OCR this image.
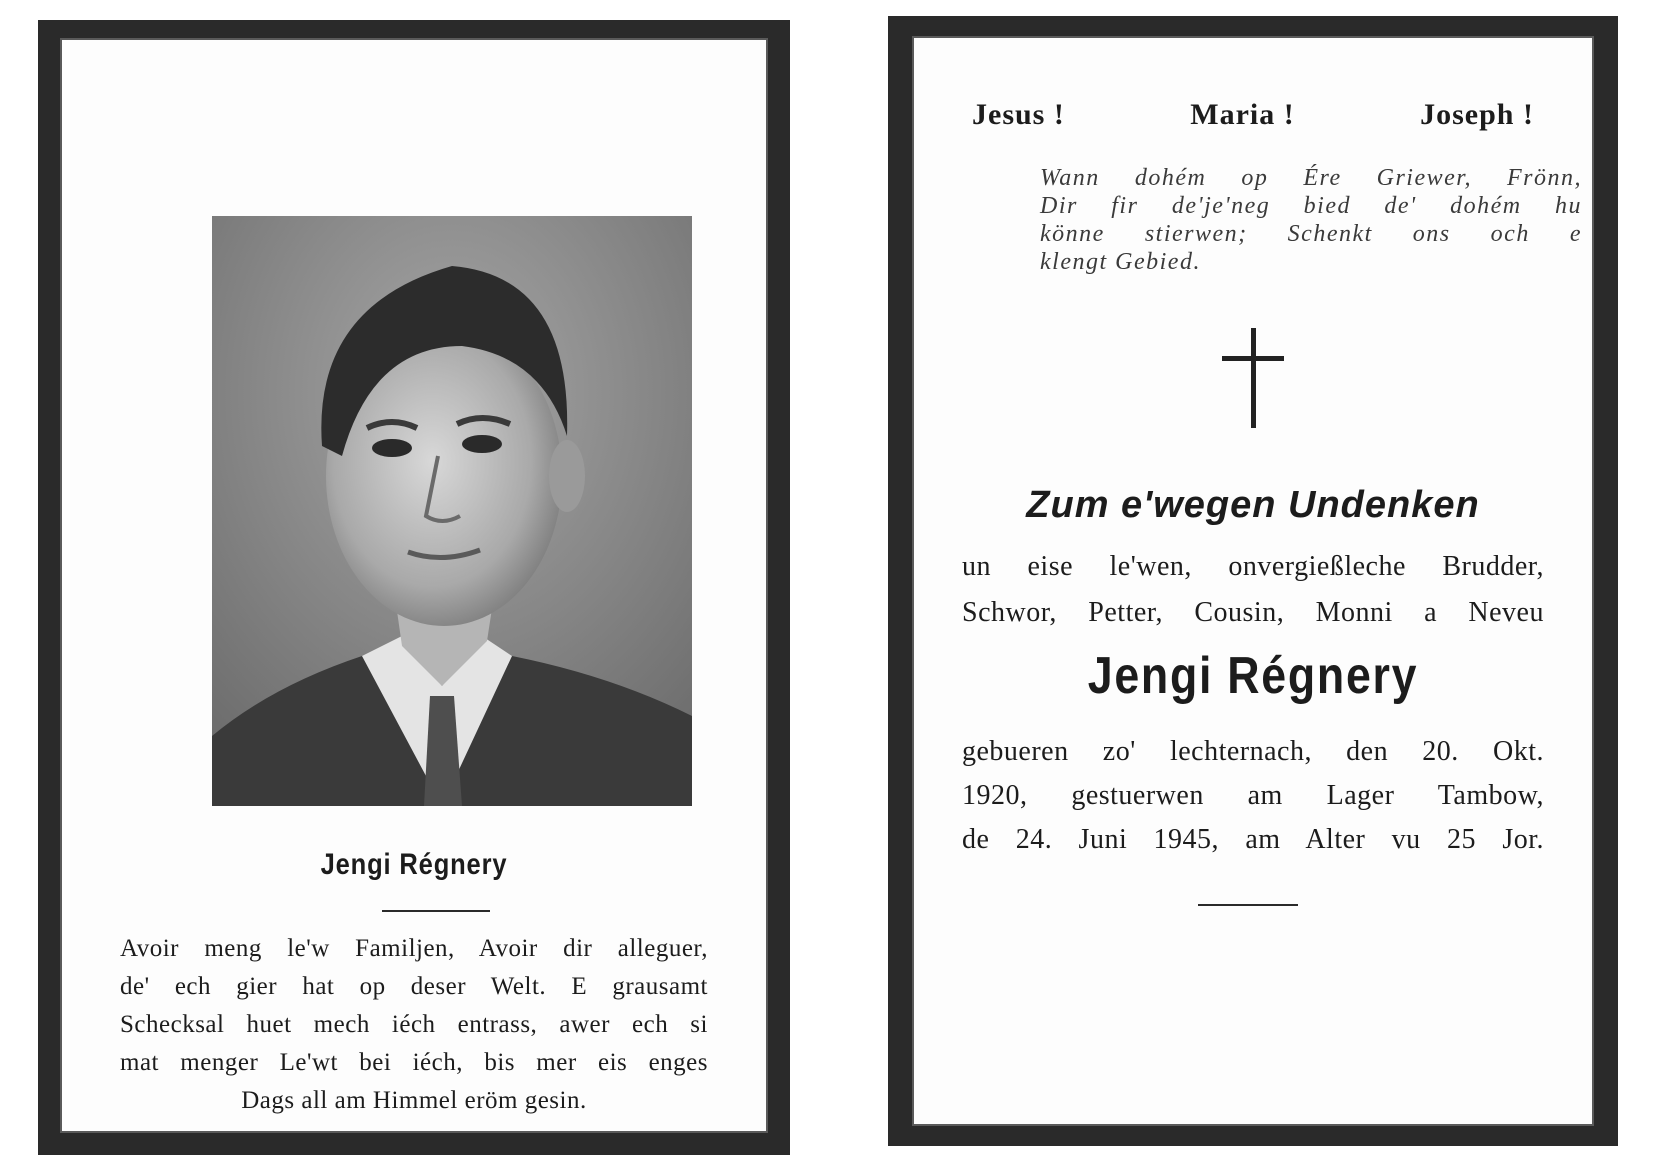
Jengi Régnery
Avoir meng le'w Familjen, Avoir dir alleguer,
de' ech gier hat op deser Welt. E grausamt
Schecksal huet mech iéch entrass, awer ech si
mat menger Le'wt bei iéch, bis mer eis enges
Dags all am Himmel eröm gesin.
Jesus !	Maria !	Joseph !
Wann dohém op Ére Griewer, Frönn,
Dir fir de'je'neg bied de' dohém hu
könne stierwen; Schenkt ons och e
klengt Gebied.
Zum e'wegen Undenken
un eise le'wen, onvergießleche Brudder,
Schwor, Petter, Cousin, Monni a Neveu
Jengi Régnery
gebueren zo' lechternach, den 20. Okt.
1920, gestuerwen am Lager Tambow,
de 24. Juni 1945, am Alter vu 25 Jor.
